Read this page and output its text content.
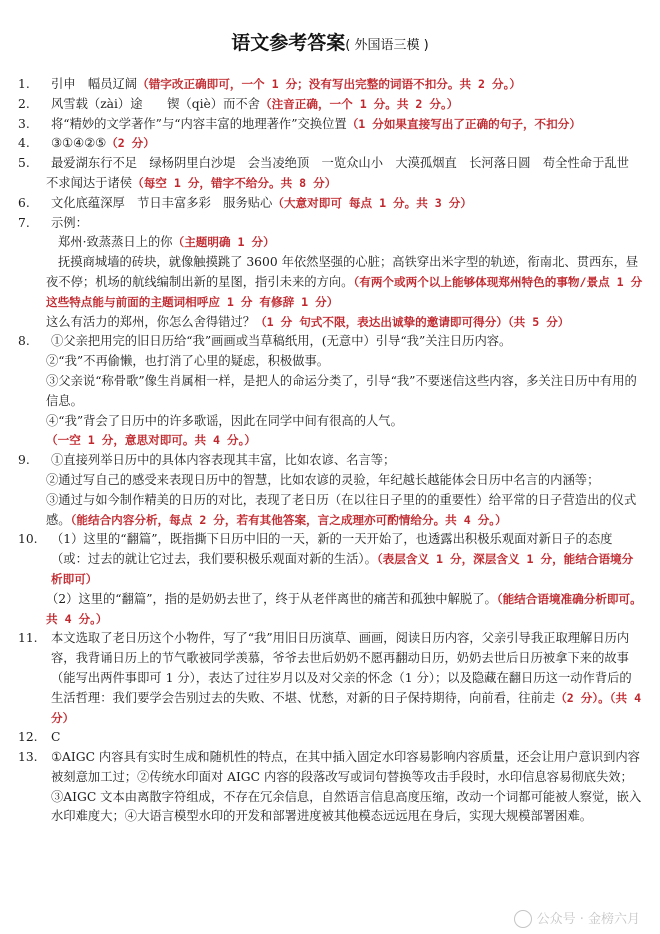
语文参考答案( 外国语三模 )
1.	引申　幅员辽阔（错字改正确即可，一个 1 分；没有写出完整的词语不扣分。共 2 分。）
2.	风雪载（zài）途　　锲（qiè）而不舍（注音正确，一个 1 分。共 2 分。）
3.	将“精妙的文学著作”与“内容丰富的地理著作”交换位置（1 分如果直接写出了正确的句子，不扣分）
4.	③①④②⑤（2 分）
5.	最爱湖东行不足　绿杨阴里白沙堤　会当凌绝顶　一览众山小　大漠孤烟直　长河落日圆　苟全性命于乱世
不求闻达于诸侯（每空 1 分，错字不给分。共 8 分）
6.	文化底蕴深厚　节日丰富多彩　服务贴心（大意对即可 每点 1 分。共 3 分）
7.	示例：
郑州·致蒸蒸日上的你（主题明确 1 分）
抚摸商城墙的砖块，就像触摸跳了 3600 年依然坚强的心脏；高铁穿出米字型的轨迹，衔南北、贯西东，昼夜不停；机场的航线编制出新的星图，指引未来的方向。（有两个或两个以上能够体现郑州特色的事物/景点 1 分 这些特点能与前面的主题词相呼应 1 分 有修辞 1 分）
这么有活力的郑州，你怎么舍得错过？（1 分 句式不限，表达出诚挚的邀请即可得分）（共 5 分）
8.	①父亲把用完的旧日历给“我”画画或当草稿纸用，(无意中）引导“我”关注日历内容。
②“我”不再偷懒，也打消了心里的疑虑，积极做事。
③父亲说“称骨歌”像生肖属相一样，是把人的命运分类了，引导“我”不要迷信这些内容，多关注日历中有用的信息。
④“我”背会了日历中的许多歌谣，因此在同学中间有很高的人气。
（一空 1 分，意思对即可。共 4 分。）
9.	①直接列举日历中的具体内容表现其丰富，比如农谚、名言等；
②通过写自己的感受来表现日历中的智慧，比如农谚的灵验，年纪越长越能体会日历中名言的内涵等；
③通过与如今制作精美的日历的对比，表现了老日历（在以往日子里的的重要性）给平常的日子营造出的仪式感。（能结合内容分析，每点 2 分，若有其他答案，言之成理亦可酌情给分。共 4 分。）
10.	（1）这里的“翻篇”，既指撕下日历中旧的一天，新的一天开始了，也透露出积极乐观面对新日子的态度（或：过去的就让它过去，我们要积极乐观面对新的生活）。（表层含义 1 分，深层含义 1 分，能结合语境分析即可）
（2）这里的“翻篇”，指的是奶奶去世了，终于从老伴离世的痛苦和孤独中解脱了。（能结合语境准确分析即可。共 4 分。）
11.	本文选取了老日历这个小物件，写了“我”用旧日历演草、画画，阅读日历内容，父亲引导我正取理解日历内容，我背诵日历上的节气歌被同学羡慕，爷爷去世后奶奶不愿再翻动日历，奶奶去世后日历被拿下来的故事（能写出两件事即可 1 分），表达了过往岁月以及对父亲的怀念（1 分）；以及隐藏在翻日历这一动作背后的生活哲理：我们要学会告别过去的失败、不堪、忧愁，对新的日子保持期待，向前看，往前走（2 分）。（共 4 分）
12.	C
13.	①AIGC 内容具有实时生成和随机性的特点，在其中插入固定水印容易影响内容质量，还会让用户意识到内容被刻意加工过；②传统水印面对 AIGC 内容的段落改写或词句替换等攻击手段时，水印信息容易彻底失效；③AIGC 文本由离散字符组成，不存在冗余信息，自然语言信息高度压缩，改动一个词都可能被人察觉，嵌入水印难度大；④大语言模型水印的开发和部署进度被其他模态远远甩在身后，实现大规模部署困难。
公众号 · 金榜六月
